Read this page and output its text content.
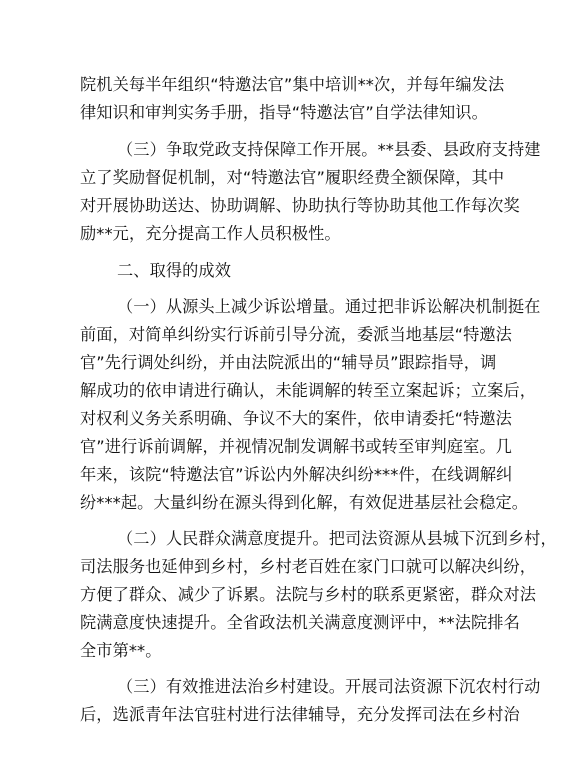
院机关每半年组织“特邀法官”集中培训**次，并每年编发法
律知识和审判实务手册，指导“特邀法官”自学法律知识。
（三）争取党政支持保障工作开展。**县委、县政府支持建
立了奖励督促机制，对“特邀法官”履职经费全额保障，其中
对开展协助送达、协助调解、协助执行等协助其他工作每次奖
励**元，充分提高工作人员积极性。
二、取得的成效
（一）从源头上减少诉讼增量。通过把非诉讼解决机制挺在
前面，对简单纠纷实行诉前引导分流，委派当地基层“特邀法
官”先行调处纠纷，并由法院派出的“辅导员”跟踪指导，调
解成功的依申请进行确认，未能调解的转至立案起诉；立案后，
对权利义务关系明确、争议不大的案件，依申请委托“特邀法
官”进行诉前调解，并视情况制发调解书或转至审判庭室。几
年来，该院“特邀法官”诉讼内外解决纠纷***件，在线调解纠
纷***起。大量纠纷在源头得到化解，有效促进基层社会稳定。
（二）人民群众满意度提升。把司法资源从县城下沉到乡村，
司法服务也延伸到乡村，乡村老百姓在家门口就可以解决纠纷，
方便了群众、减少了诉累。法院与乡村的联系更紧密，群众对法
院满意度快速提升。全省政法机关满意度测评中，**法院排名
全市第**。
（三）有效推进法治乡村建设。开展司法资源下沉农村行动
后，选派青年法官驻村进行法律辅导，充分发挥司法在乡村治
